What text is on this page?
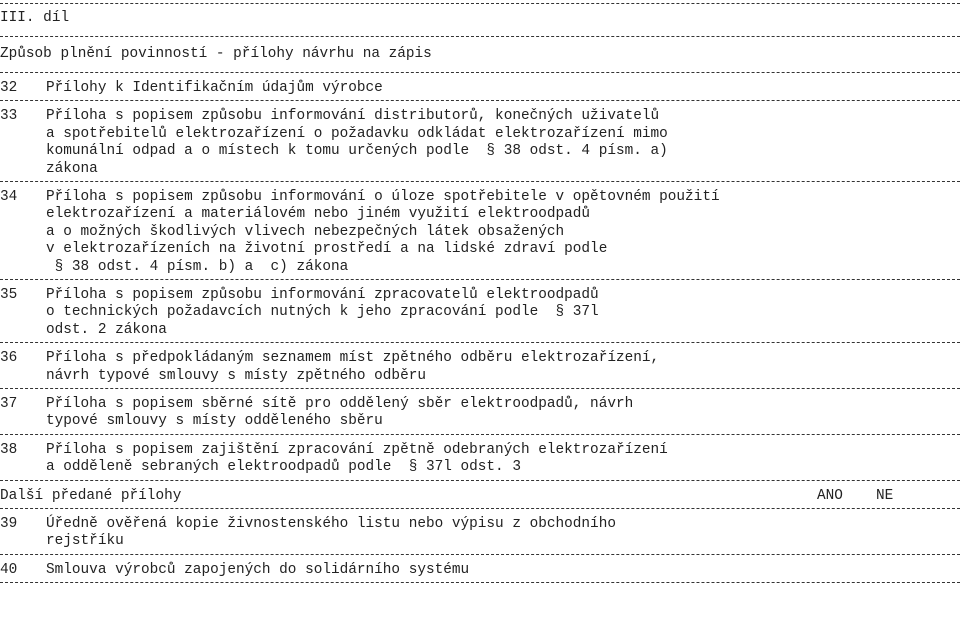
III. díl
Způsob plnění povinností - přílohy návrhu na zápis
32	Přílohy k Identifikačním údajům výrobce
33	Příloha s popisem způsobu informování distributorů, konečných uživatelů
a spotřebitelů elektrozařízení o požadavku odkládat elektrozařízení mimo
komunální odpad a o místech k tomu určených podle  § 38 odst. 4 písm. a)
zákona
34	Příloha s popisem způsobu informování o úloze spotřebitele v opětovném použití
elektrozařízení a materiálovém nebo jiném využití elektroodpadů
a o možných škodlivých vlivech nebezpečných látek obsažených
v elektrozařízeních na životní prostředí a na lidské zdraví podle
§ 38 odst. 4 písm. b) a  c) zákona
35	Příloha s popisem způsobu informování zpracovatelů elektroodpadů
o technických požadavcích nutných k jeho zpracování podle  § 37l
odst. 2 zákona
36	Příloha s předpokládaným seznamem míst zpětného odběru elektrozařízení,
návrh typové smlouvy s místy zpětného odběru
37	Příloha s popisem sběrné sítě pro oddělený sběr elektroodpadů, návrh
typové smlouvy s místy odděleného sběru
38	Příloha s popisem zajištění zpracování zpětně odebraných elektrozařízení
a odděleně sebraných elektroodpadů podle  § 37l odst. 3
Další předané přílohy	ANO NE
39	Úředně ověřená kopie živnostenského listu nebo výpisu z obchodního
rejstříku
40	Smlouva výrobců zapojených do solidárního systému
